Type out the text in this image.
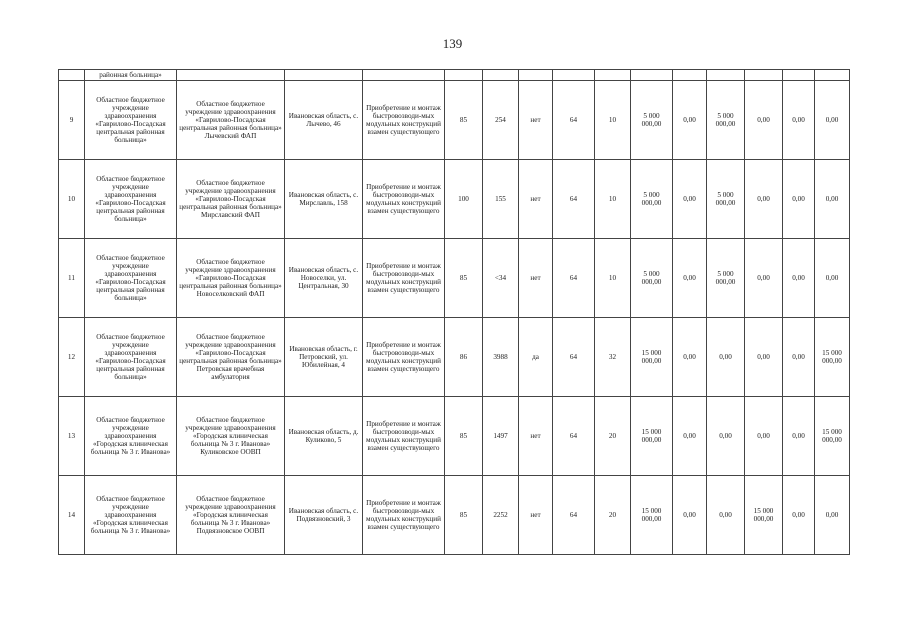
139
	районная больница»														
9	Областное бюджетное учреждение здравоохранения «Гаврилово-Посадская центральная районная больница»	Областное бюджетное учреждение здравоохранения «Гаврилово-Посадская центральная районная больница» Лычевский ФАП	Ивановская область, с. Лычево, 46	Приобретение и монтаж быстровозводи-мых модульных конструкций взамен существующего	85	254	нет	64	10	5 000 000,00	0,00	5 000 000,00	0,00	0,00	0,00
10	Областное бюджетное учреждение здравоохранения «Гаврилово-Посадская центральная районная больница»	Областное бюджетное учреждение здравоохранения «Гаврилово-Посадская центральная районная больница» Мирславский ФАП	Ивановская область, с. Мирславль, 158	Приобретение и монтаж быстровозводи-мых модульных конструкций взамен существующего	100	155	нет	64	10	5 000 000,00	0,00	5 000 000,00	0,00	0,00	0,00
11	Областное бюджетное учреждение здравоохранения «Гаврилово-Посадская центральная районная больница»	Областное бюджетное учреждение здравоохранения «Гаврилово-Посадская центральная районная больница» Новоселковский ФАП	Ивановская область, с. Новоселки, ул. Центральная, 30	Приобретение и монтаж быстровозводи-мых модульных конструкций взамен существующего	85	<34	нет	64	10	5 000 000,00	0,00	5 000 000,00	0,00	0,00	0,00
12	Областное бюджетное учреждение здравоохранения «Гаврилово-Посадская центральная районная больница»	Областное бюджетное учреждение здравоохранения «Гаврилово-Посадская центральная районная больница» Петровская врачебная амбулатория	Ивановская область, г. Петровский, ул. Юбилейная, 4	Приобретение и монтаж быстровозводи-мых модульных конструкций взамен существующего	86	3988	да	64	32	15 000 000,00	0,00	0,00	0,00	0,00	15 000 000,00
13	Областное бюджетное учреждение здравоохранения «Городская клиническая больница № 3 г. Иванова»	Областное бюджетное учреждение здравоохранения «Городская клиническая больница № 3 г. Иванова» Куликовское ООВП	Ивановская область, д. Куликово, 5	Приобретение и монтаж быстровозводи-мых модульных конструкций взамен существующего	85	1497	нет	64	20	15 000 000,00	0,00	0,00	0,00	0,00	15 000 000,00
14	Областное бюджетное учреждение здравоохранения «Городская клиническая больница № 3 г. Иванова»	Областное бюджетное учреждение здравоохранения «Городская клиническая больница № 3 г. Иванова» Подвязновское ООВП	Ивановская область, с. Подвязновский, 3	Приобретение и монтаж быстровозводи-мых модульных конструкций взамен существующего	85	2252	нет	64	20	15 000 000,00	0,00	0,00	15 000 000,00	0,00	0,00
